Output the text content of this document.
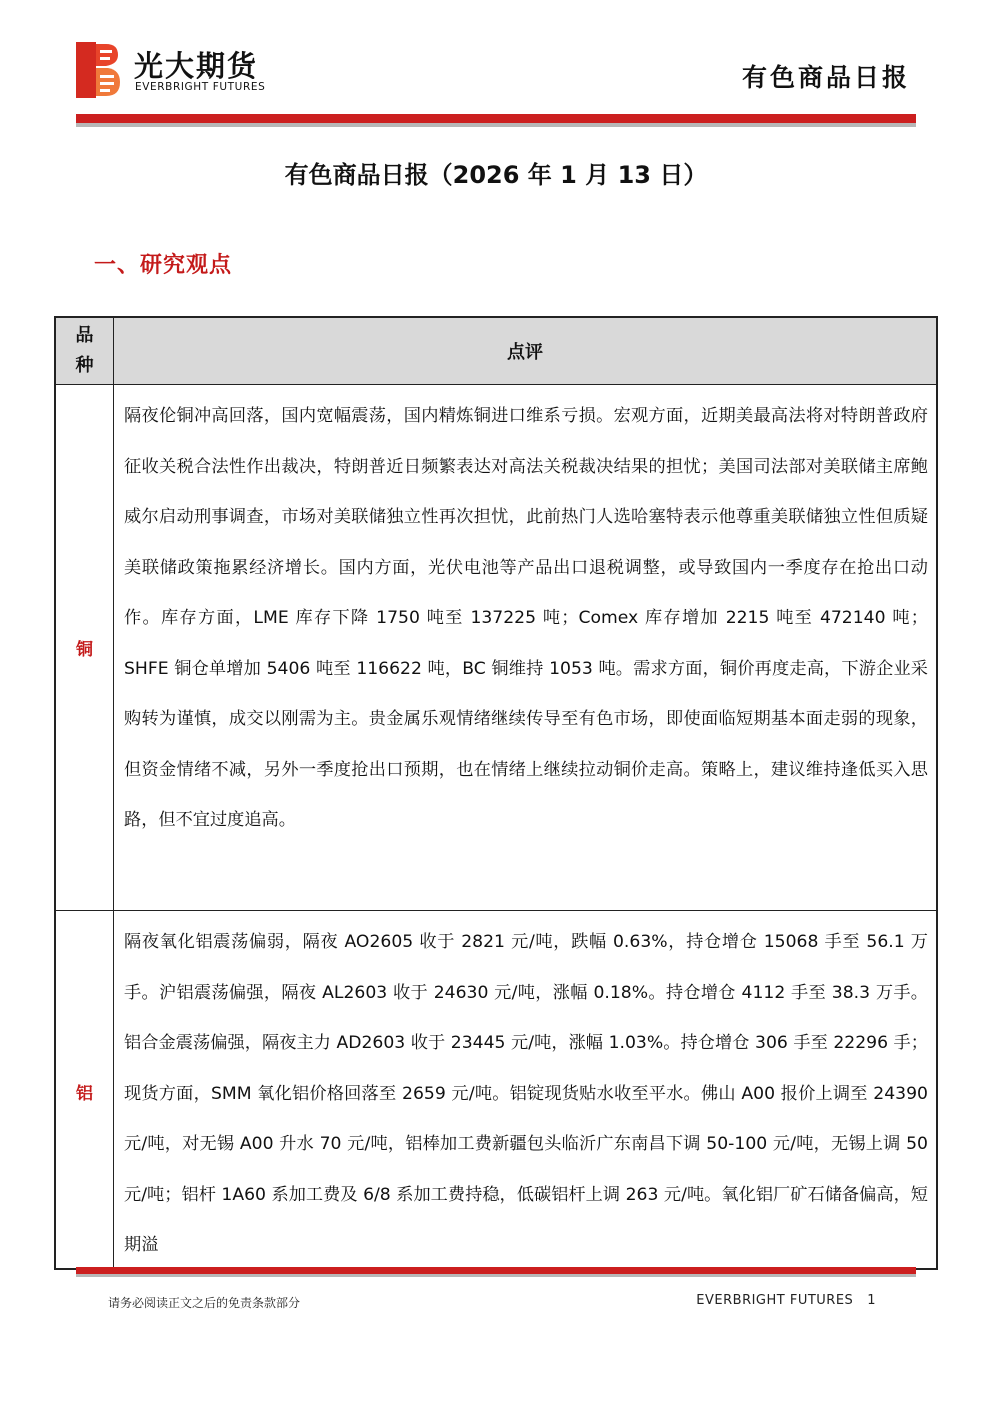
光大期货
EVERBRIGHT FUTURES	有色商品日报
有色商品日报（2026 年 1 月 13 日）
一、研究观点
品种
点评
铜
隔夜伦铜冲高回落，国内宽幅震荡，国内精炼铜进口维系亏损。宏观方面，近期美最高法将对特朗普政府征收关税合法性作出裁决，特朗普近日频繁表达对高法关税裁决结果的担忧；美国司法部对美联储主席鲍威尔启动刑事调查，市场对美联储独立性再次担忧，此前热门人选哈塞特表示他尊重美联储独立性但质疑美联储政策拖累经济增长。国内方面，光伏电池等产品出口退税调整，或导致国内一季度存在抢出口动作。库存方面，LME 库存下降 1750 吨至 137225 吨；Comex 库存增加 2215 吨至 472140 吨；SHFE 铜仓单增加 5406 吨至 116622 吨，BC 铜维持 1053 吨。需求方面，铜价再度走高，下游企业采购转为谨慎，成交以刚需为主。贵金属乐观情绪继续传导至有色市场，即使面临短期基本面走弱的现象，但资金情绪不减，另外一季度抢出口预期，也在情绪上继续拉动铜价走高。策略上，建议维持逢低买入思路，但不宜过度追高。
铝
隔夜氧化铝震荡偏弱，隔夜 AO2605 收于 2821 元/吨，跌幅 0.63%，持仓增仓 15068 手至 56.1 万手。沪铝震荡偏强，隔夜 AL2603 收于 24630 元/吨，涨幅 0.18%。持仓增仓 4112 手至 38.3 万手。铝合金震荡偏强，隔夜主力 AD2603 收于 23445 元/吨，涨幅 1.03%。持仓增仓 306 手至 22296 手；现货方面，SMM 氧化铝价格回落至 2659 元/吨。铝锭现货贴水收至平水。佛山 A00 报价上调至 24390 元/吨，对无锡 A00 升水 70 元/吨，铝棒加工费新疆包头临沂广东南昌下调 50-100 元/吨，无锡上调 50 元/吨；铝杆 1A60 系加工费及 6/8 系加工费持稳，低碳铝杆上调 263 元/吨。氧化铝厂矿石储备偏高，短期溢
请务必阅读正文之后的免责条款部分	EVERBRIGHT FUTURES 1
